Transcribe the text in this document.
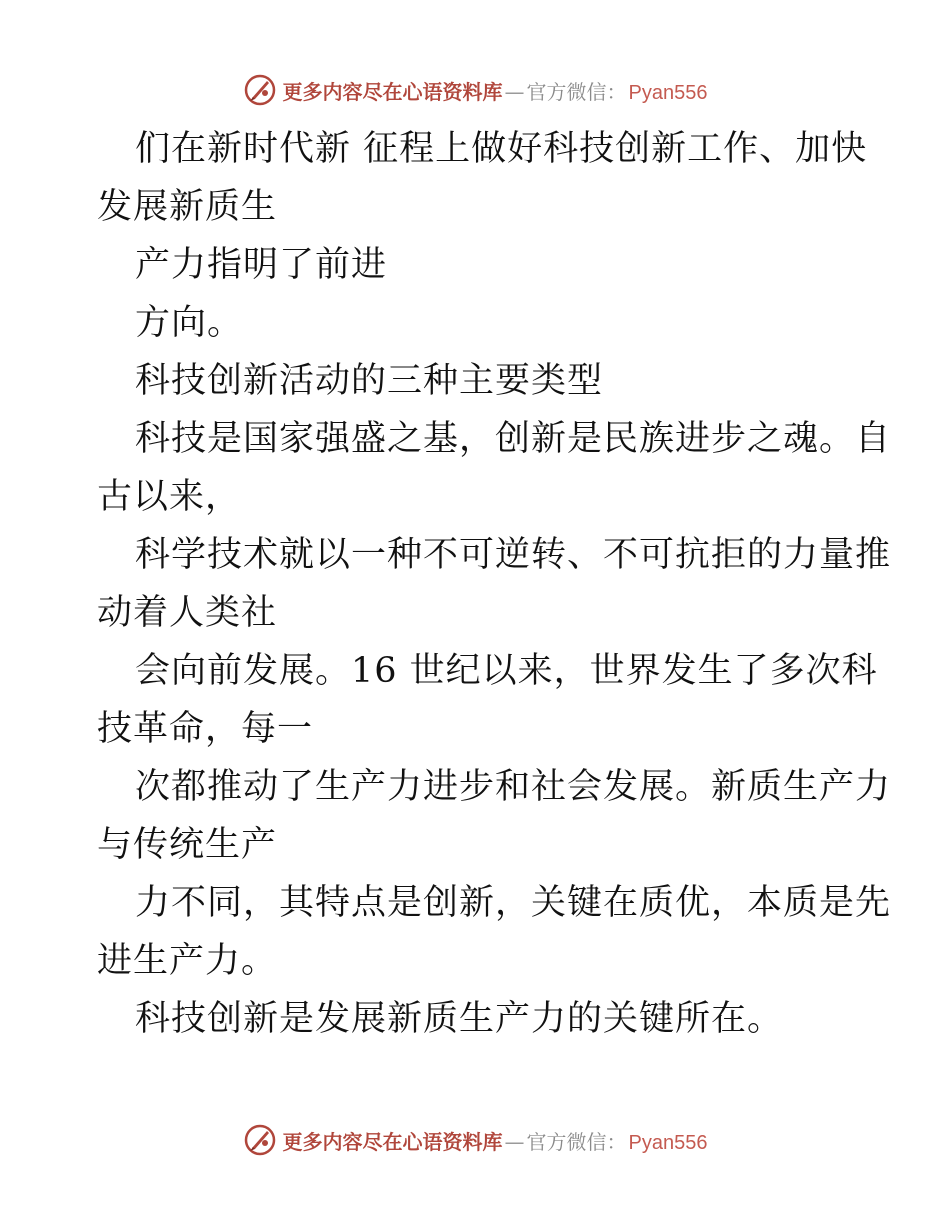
更多内容尽在心语资料库 — 官方微信： Pyan556
们在新时代新 征程上做好科技创新工作、加快
发展新质生
产力指明了前进
方向。
科技创新活动的三种主要类型
科技是国家强盛之基，创新是民族进步之魂。自
古以来，
科学技术就以一种不可逆转、不可抗拒的力量推
动着人类社
会向前发展。16 世纪以来，世界发生了多次科
技革命，每一
次都推动了生产力进步和社会发展。新质生产力
与传统生产
力不同，其特点是创新，关键在质优，本质是先
进生产力。
科技创新是发展新质生产力的关键所在。
更多内容尽在心语资料库 — 官方微信： Pyan556
